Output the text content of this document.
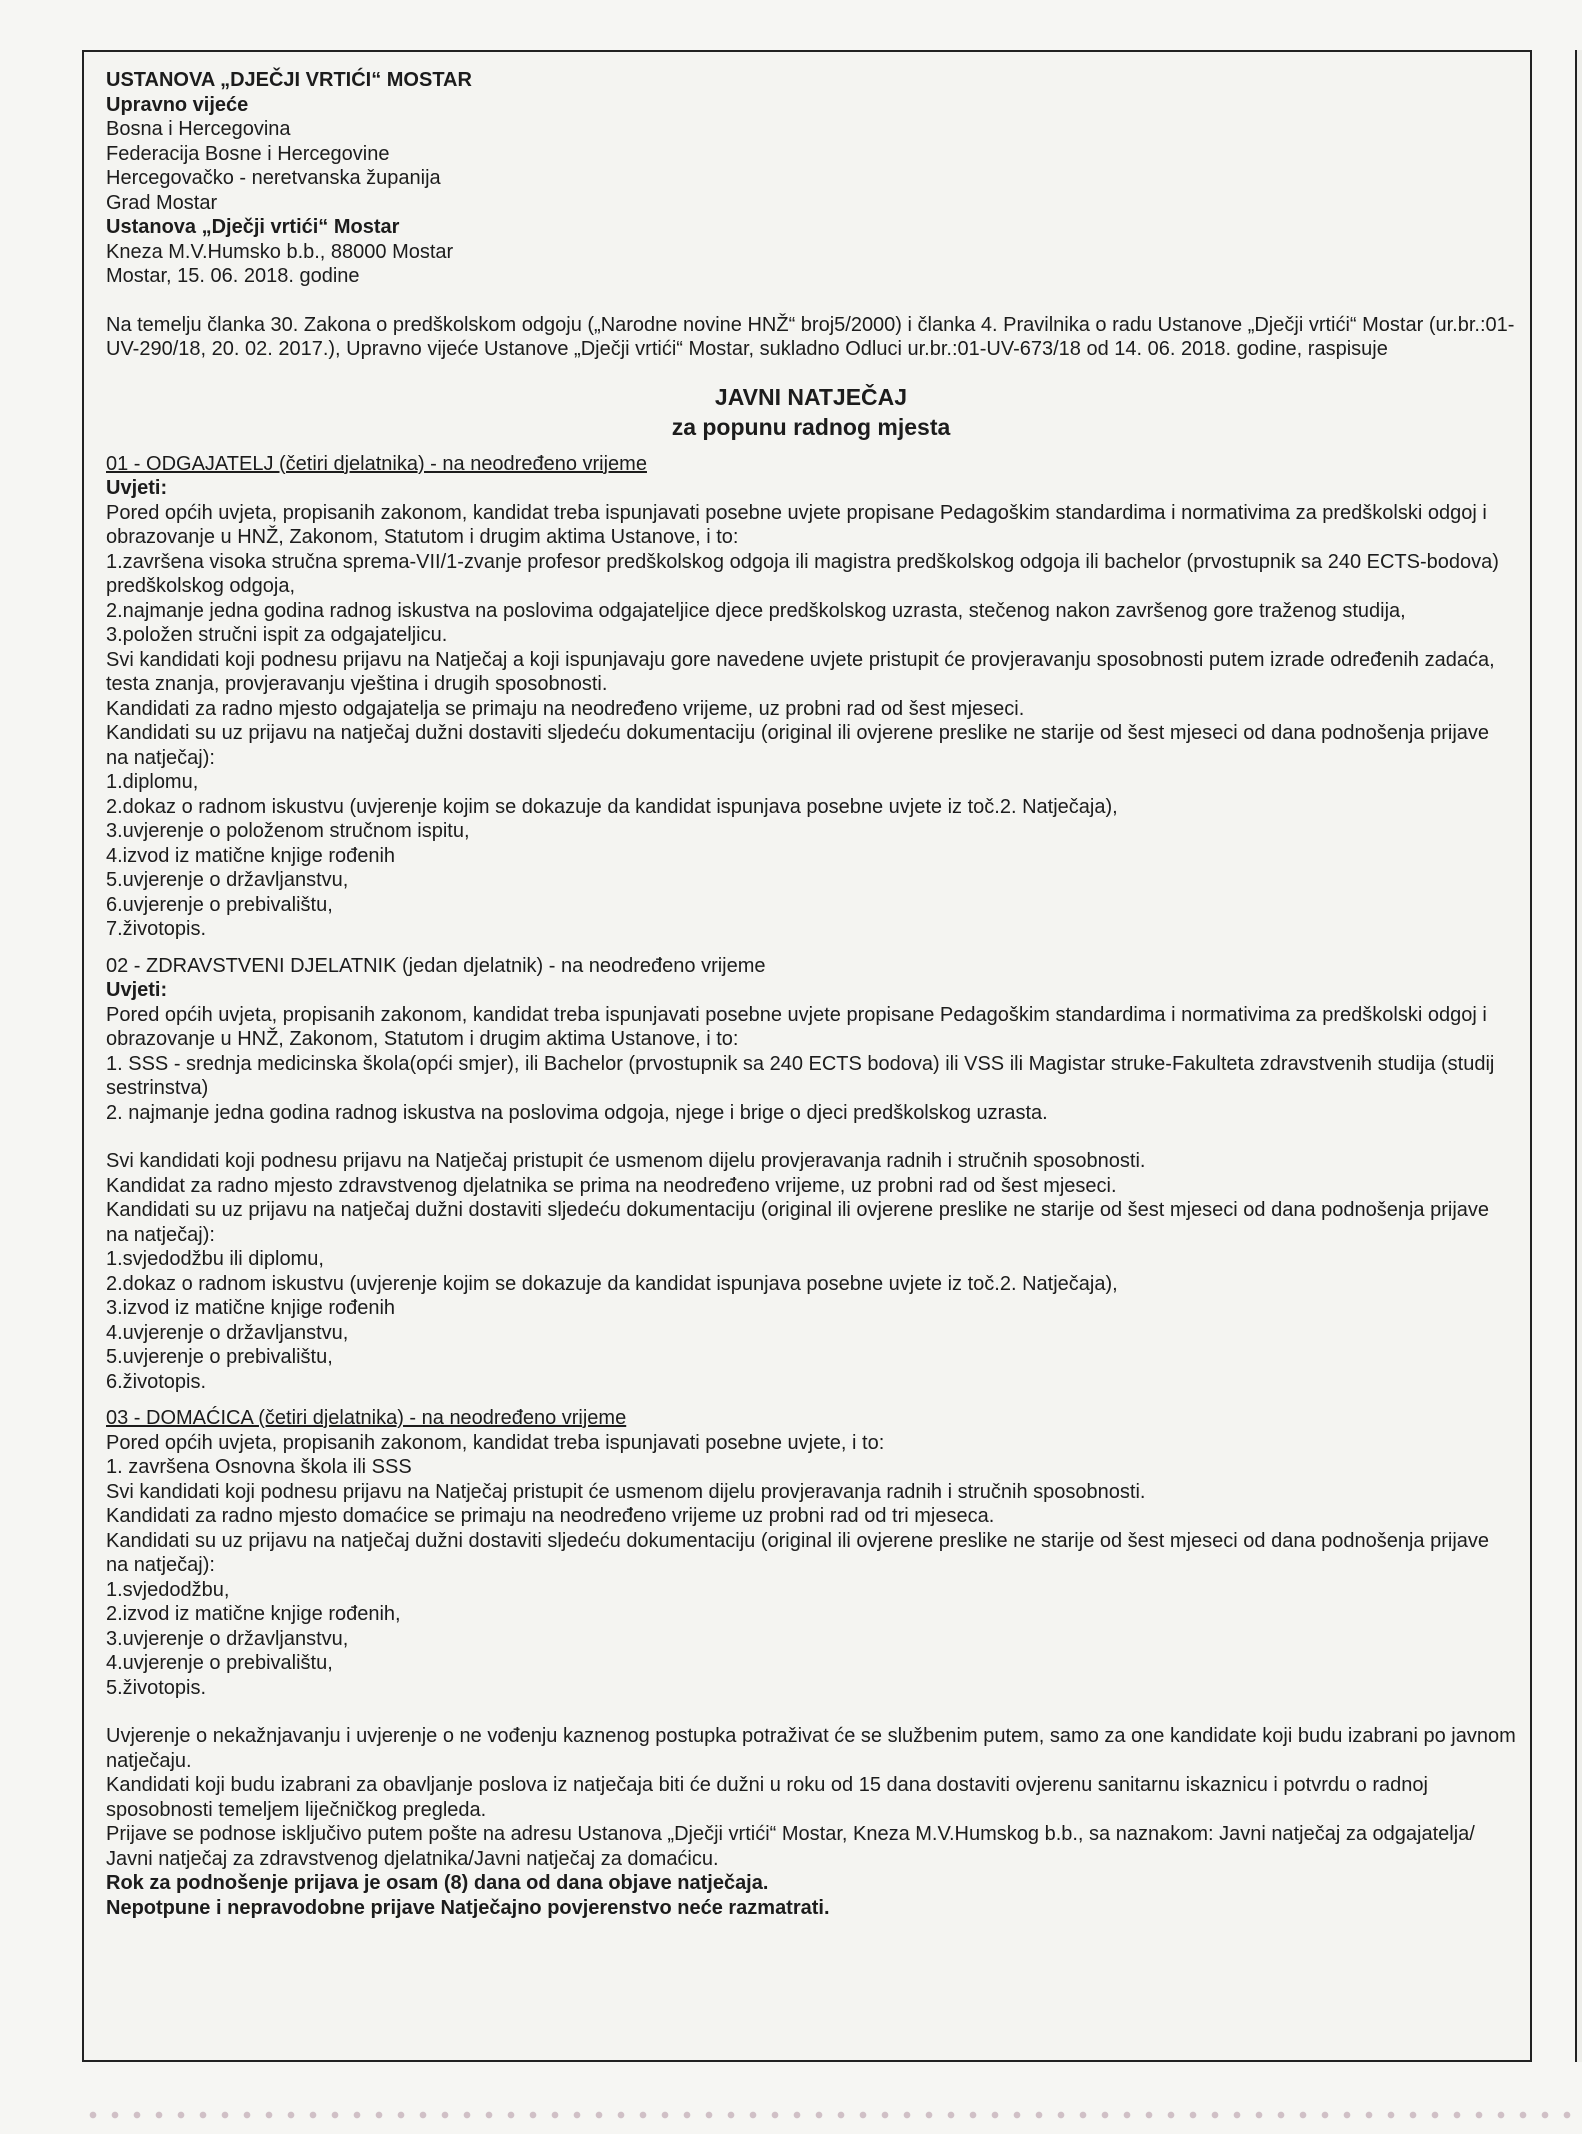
USTANOVA „DJEČJI VRTIĆI“ MOSTAR

Upravno vijeće

Bosna i Hercegovina

Federacija Bosne i Hercegovine

Hercegovačko - neretvanska županija

Grad Mostar

Ustanova „Dječji vrtići“ Mostar

Kneza M.V.Humsko b.b., 88000 Mostar

Mostar, 15. 06. 2018. godine

Na temelju članka 30. Zakona o predškolskom odgoju („Narodne novine HNŽ“ broj5/2000) i članka 4. Pravilnika o radu Ustanove „Dječji vrtići“ Mostar (ur.br.:01-UV-290/18, 20. 02. 2017.), Upravno vijeće Ustanove „Dječji vrtići“ Mostar, sukladno Odluci ur.br.:01-UV-673/18 od 14. 06. 2018. godine, raspisuje

JAVNI NATJEČAJ
za popunu radnog mjesta

01 - ODGAJATELJ (četiri djelatnika) - na neodređeno vrijeme

Uvjeti:

Pored općih uvjeta, propisanih zakonom, kandidat treba ispunjavati posebne uvjete propisane Pedagoškim standardima i normativima za predškolski odgoj i obrazovanje u HNŽ, Zakonom, Statutom i drugim aktima Ustanove, i to:

1.završena visoka stručna sprema-VII/1-zvanje profesor predškolskog odgoja ili magistra predškolskog odgoja ili bachelor (prvostupnik sa 240 ECTS-bodova) predškolskog odgoja,

2.najmanje jedna godina radnog iskustva na poslovima odgajateljice djece predškolskog uzrasta, stečenog nakon završenog gore traženog studija,

3.položen stručni ispit za odgajateljicu.

Svi kandidati koji podnesu prijavu na Natječaj a koji ispunjavaju gore navedene uvjete pristupit će provjeravanju sposobnosti putem izrade određenih zadaća, testa znanja, provjeravanju vještina i drugih sposobnosti.

Kandidati za radno mjesto odgajatelja se primaju na neodređeno vrijeme, uz probni rad od šest mjeseci.

Kandidati su uz prijavu na natječaj dužni dostaviti sljedeću dokumentaciju (original ili ovjerene preslike ne starije od šest mjeseci od dana podnošenja prijave na natječaj):

1.diplomu,

2.dokaz o radnom iskustvu (uvjerenje kojim se dokazuje da kandidat ispunjava posebne uvjete iz toč.2. Natječaja),

3.uvjerenje o položenom stručnom ispitu,

4.izvod iz matične knjige rođenih

5.uvjerenje o državljanstvu,

6.uvjerenje o prebivalištu,

7.životopis.

02 - ZDRAVSTVENI DJELATNIK (jedan djelatnik) - na neodređeno vrijeme

Uvjeti:

Pored općih uvjeta, propisanih zakonom, kandidat treba ispunjavati posebne uvjete propisane Pedagoškim standardima i normativima za predškolski odgoj i obrazovanje u HNŽ, Zakonom, Statutom i drugim aktima Ustanove, i to:

1. SSS - srednja medicinska škola(opći smjer), ili Bachelor (prvostupnik sa 240 ECTS bodova) ili VSS ili Magistar struke-Fakulteta zdravstvenih studija (studij sestrinstva)

2. najmanje jedna godina radnog iskustva na poslovima odgoja, njege i brige o djeci predškolskog uzrasta.

Svi kandidati koji podnesu prijavu na Natječaj pristupit će usmenom dijelu provjeravanja radnih i stručnih sposobnosti.

Kandidat za radno mjesto zdravstvenog djelatnika se prima na neodređeno vrijeme, uz probni rad od šest mjeseci.

Kandidati su uz prijavu na natječaj dužni dostaviti sljedeću dokumentaciju (original ili ovjerene preslike ne starije od šest mjeseci od dana podnošenja prijave na natječaj):

1.svjedodžbu ili diplomu,

2.dokaz o radnom iskustvu (uvjerenje kojim se dokazuje da kandidat ispunjava posebne uvjete iz toč.2. Natječaja),

3.izvod iz matične knjige rođenih

4.uvjerenje o državljanstvu,

5.uvjerenje o prebivalištu,

6.životopis.

03 - DOMAĆICA (četiri djelatnika) - na neodređeno vrijeme

Pored općih uvjeta, propisanih zakonom, kandidat treba ispunjavati posebne uvjete, i to:

1. završena Osnovna škola ili SSS

Svi kandidati koji podnesu prijavu na Natječaj pristupit će usmenom dijelu provjeravanja radnih i stručnih sposobnosti.

Kandidati za radno mjesto domaćice se primaju na neodređeno vrijeme uz probni rad od tri mjeseca.

Kandidati su uz prijavu na natječaj dužni dostaviti sljedeću dokumentaciju (original ili ovjerene preslike ne starije od šest mjeseci od dana podnošenja prijave na natječaj):

1.svjedodžbu,

2.izvod iz matične knjige rođenih,

3.uvjerenje o državljanstvu,

4.uvjerenje o prebivalištu,

5.životopis.

Uvjerenje o nekažnjavanju i uvjerenje o ne vođenju kaznenog postupka potraživat će se službenim putem, samo za one kandidate koji budu izabrani po javnom natječaju.

Kandidati koji budu izabrani za obavljanje poslova iz natječaja biti će dužni u roku od 15 dana dostaviti ovjerenu sanitarnu iskaznicu i potvrdu o radnoj sposobnosti temeljem liječničkog pregleda.

Prijave se podnose isključivo putem pošte na adresu Ustanova „Dječji vrtići“ Mostar, Kneza M.V.Humskog b.b., sa naznakom: Javni natječaj za odgajatelja/ Javni natječaj za zdravstvenog djelatnika/Javni natječaj za domaćicu.

Rok za podnošenje prijava je osam (8) dana od dana objave natječaja.

Nepotpune i nepravodobne prijave Natječajno povjerenstvo neće razmatrati.
